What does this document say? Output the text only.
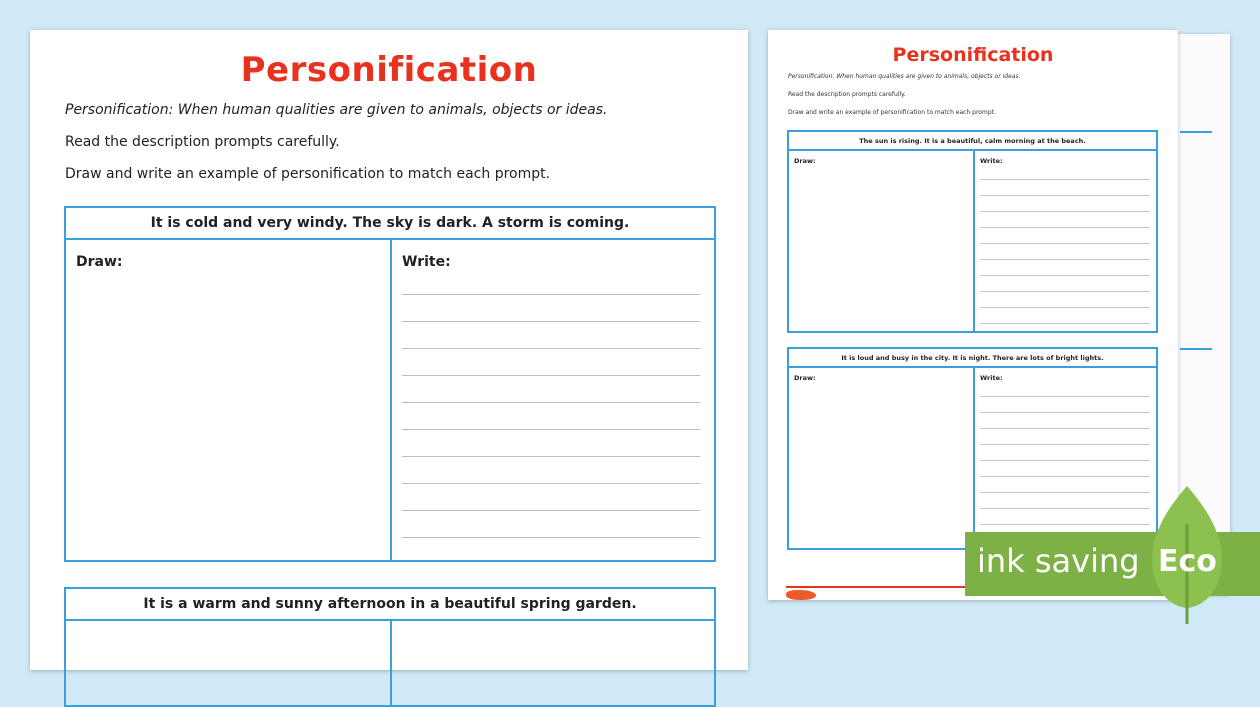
Personification
Personification: When human qualities are given to animals, objects or ideas.
Read the description prompts carefully.
Draw and write an example of personification to match each prompt.
It is cold and very windy. The sky is dark. A storm is coming.
Draw:	Write:
It is a warm and sunny afternoon in a beautiful spring garden.
Personification
Personification: When human qualities are given to animals, objects or ideas.
Read the description prompts carefully.
Draw and write an example of personification to match each prompt.
The sun is rising. It is a beautiful, calm morning at the beach.
Draw:	Write:
It is loud and busy in the city. It is night. There are lots of bright lights.
Draw:	Write:
ink saving Eco
